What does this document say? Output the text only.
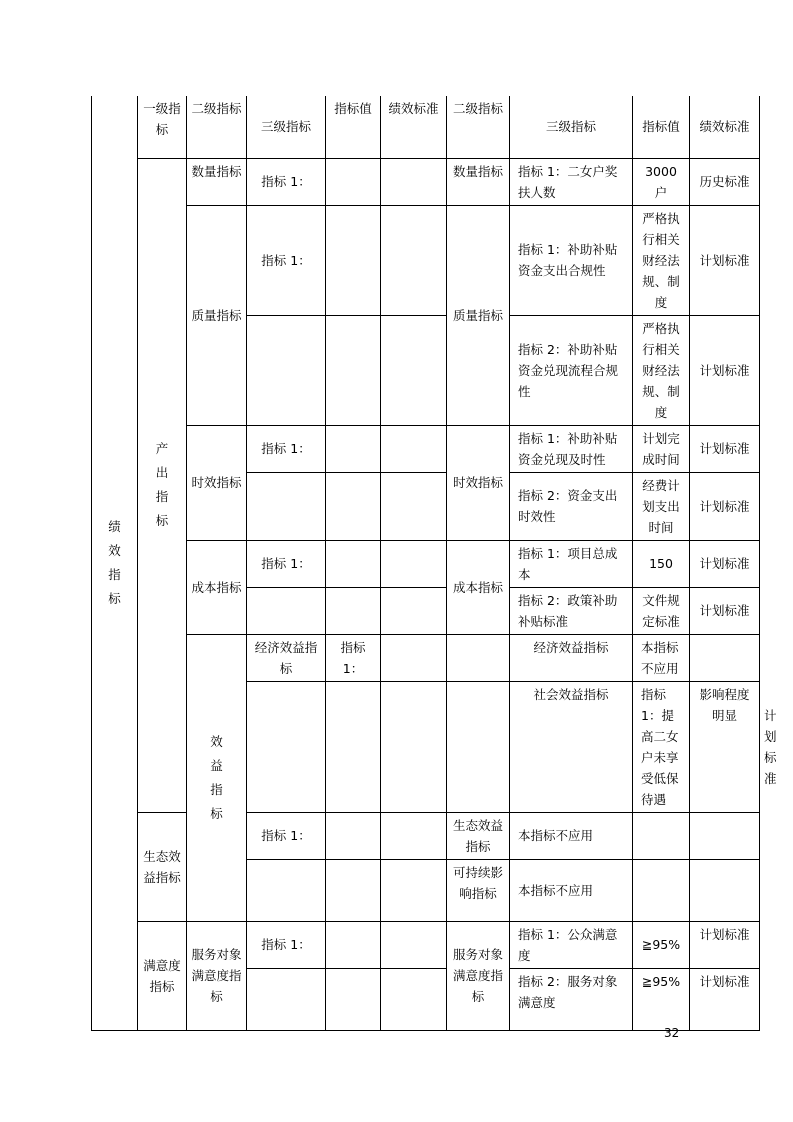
绩效指标	一级指标	二级指标	三级指标	指标值	绩效标准	二级指标	三级指标	指标值	绩效标准	
	产出指标	数量指标	指标 1：			数量指标	指标 1：二女户奖扶人数	3000 户	历史标准	
		质量指标	指标 1：			质量指标	指标 1：补助补贴资金支出合规性	严格执行相关财经法规、制度	计划标准	
							指标 2：补助补贴资金兑现流程合规性	严格执行相关财经法规、制度	计划标准	
		时效指标	指标 1：			时效指标	指标 1：补助补贴资金兑现及时性	计划完成时间	计划标准	
							指标 2：资金支出时效性	经费计划支出时间	计划标准	
		成本指标	指标 1：			成本指标	指标 1：项目总成本	150	计划标准	
							指标 2：政策补助补贴标准	文件规定标准	计划标准	
		效益指标	经济效益指标	指标 1：			经济效益指标	本指标不应用		
							社会效益指标	指标 1：提高二女户未享受低保待遇	影响程度明显	计划标准
	生态效益指标		指标 1：			生态效益指标	本指标不应用			
						可持续影响指标	本指标不应用			
	满意度指标	服务对象满意度指标	指标 1：			服务对象满意度指标	指标 1：公众满意度	≧95%	计划标准	
							指标 2：服务对象满意度	≧95%	计划标准	
32
